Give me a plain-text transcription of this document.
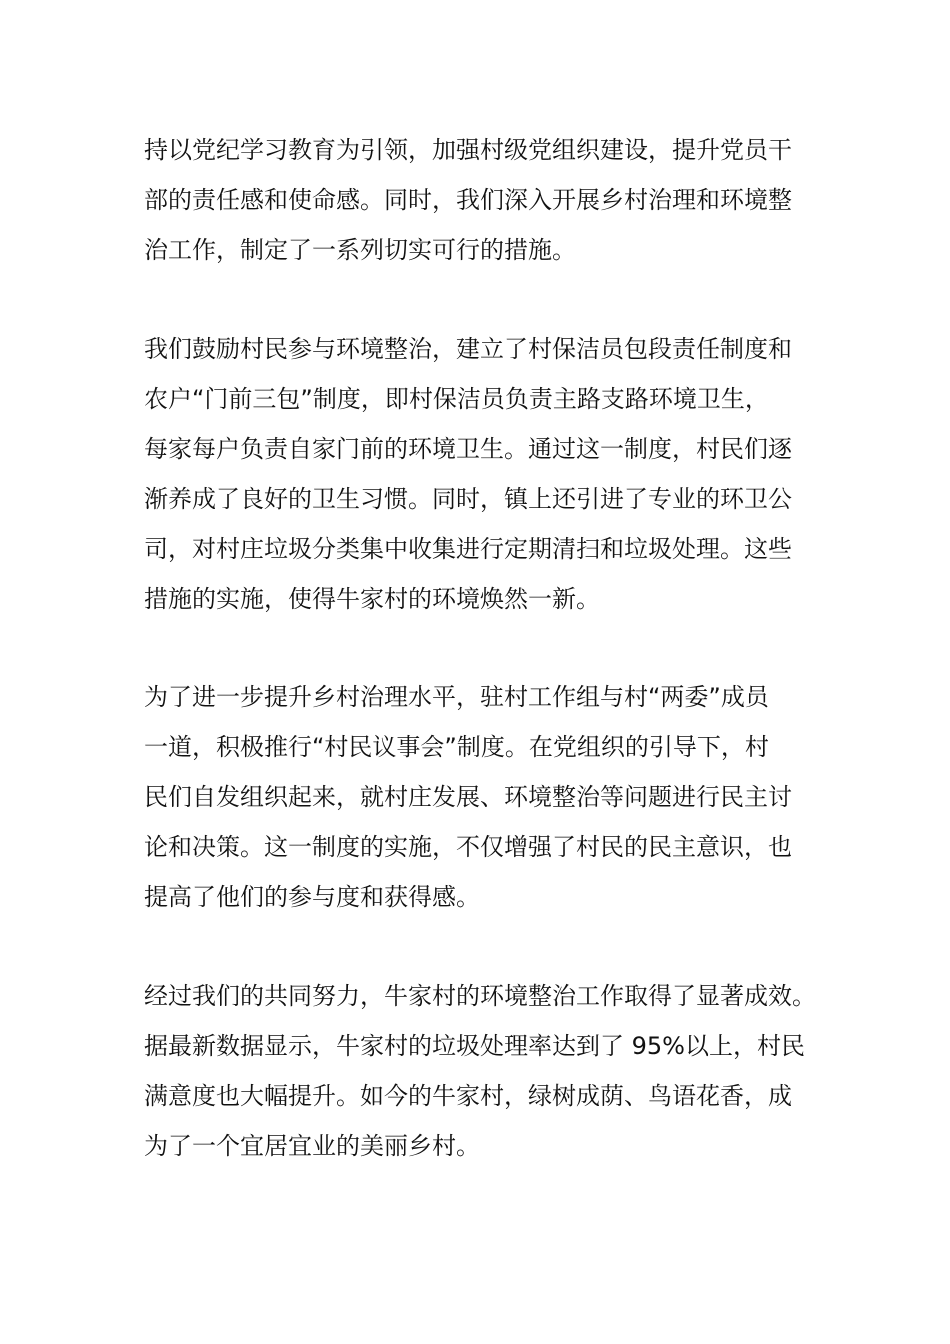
持以党纪学习教育为引领，加强村级党组织建设，提升党员干
部的责任感和使命感。同时，我们深入开展乡村治理和环境整
治工作，制定了一系列切实可行的措施。
我们鼓励村民参与环境整治，建立了村保洁员包段责任制度和
农户“门前三包”制度，即村保洁员负责主路支路环境卫生，
每家每户负责自家门前的环境卫生。通过这一制度，村民们逐
渐养成了良好的卫生习惯。同时，镇上还引进了专业的环卫公
司，对村庄垃圾分类集中收集进行定期清扫和垃圾处理。这些
措施的实施，使得牛家村的环境焕然一新。
为了进一步提升乡村治理水平，驻村工作组与村“两委”成员
一道，积极推行“村民议事会”制度。在党组织的引导下，村
民们自发组织起来，就村庄发展、环境整治等问题进行民主讨
论和决策。这一制度的实施，不仅增强了村民的民主意识，也
提高了他们的参与度和获得感。
经过我们的共同努力，牛家村的环境整治工作取得了显著成效。
据最新数据显示，牛家村的垃圾处理率达到了 95%以上，村民
满意度也大幅提升。如今的牛家村，绿树成荫、鸟语花香，成
为了一个宜居宜业的美丽乡村。
